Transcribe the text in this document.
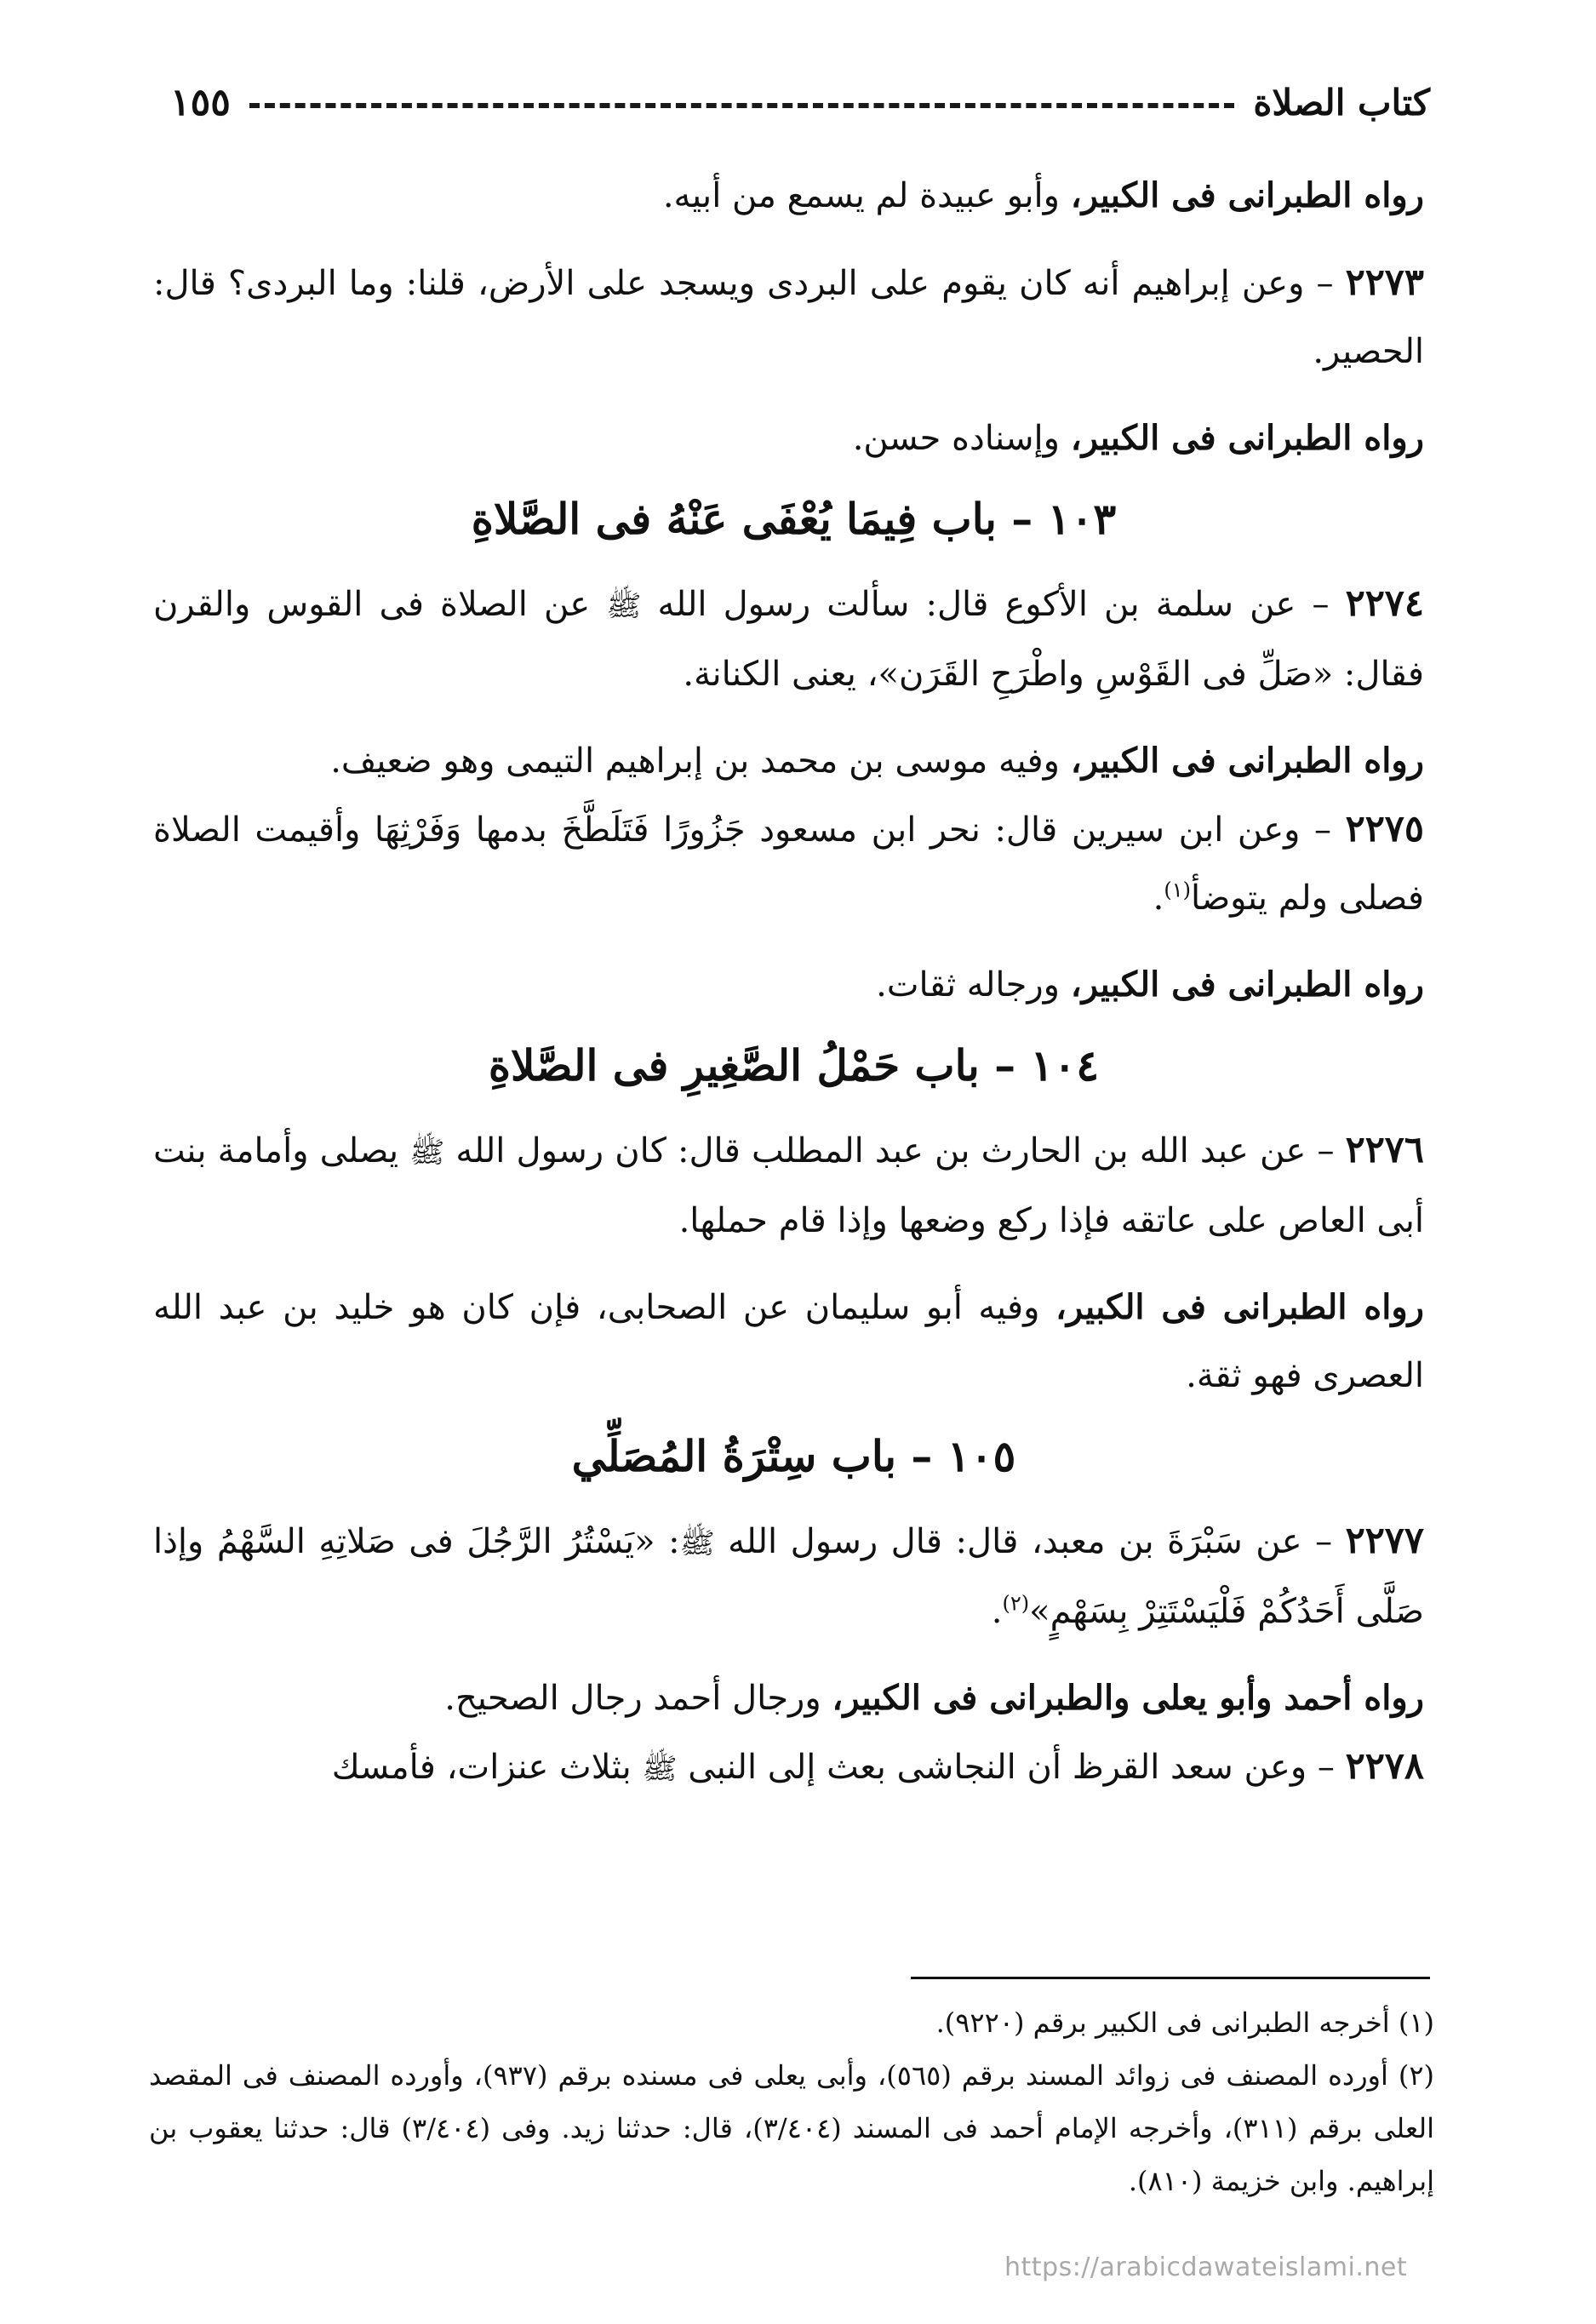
كتاب الصلاة
١٥٥

رواه الطبرانى فى الكبير، وأبو عبيدة لم يسمع من أبيه.

٢٢٧٣ – وعن إبراهيم أنه كان يقوم على البردى ويسجد على الأرض، قلنا: وما البردى؟ قال: الحصير.

رواه الطبرانى فى الكبير، وإسناده حسن.

١٠٣ – باب فِيمَا يُعْفَى عَنْهُ فى الصَّلاةِ

٢٢٧٤ – عن سلمة بن الأكوع قال: سألت رسول الله ﷺ عن الصلاة فى القوس والقرن فقال: «صَلِّ فى القَوْسِ واطْرَحِ القَرَن»، يعنى الكنانة.

رواه الطبرانى فى الكبير، وفيه موسى بن محمد بن إبراهيم التيمى وهو ضعيف.

٢٢٧٥ – وعن ابن سيرين قال: نحر ابن مسعود جَزُورًا فَتَلَطَّخَ بدمها وَفَرْثِهَا وأقيمت الصلاة فصلى ولم يتوضأ$^{(١)}$.

رواه الطبرانى فى الكبير، ورجاله ثقات.

١٠٤ – باب حَمْلُ الصَّغِيرِ فى الصَّلاةِ

٢٢٧٦ – عن عبد الله بن الحارث بن عبد المطلب قال: كان رسول الله ﷺ يصلى وأمامة بنت أبى العاص على عاتقه فإذا ركع وضعها وإذا قام حملها.

رواه الطبرانى فى الكبير، وفيه أبو سليمان عن الصحابى، فإن كان هو خليد بن عبد الله العصرى فهو ثقة.

١٠٥ – باب سِتْرَةُ المُصَلِّي

٢٢٧٧ – عن سَبْرَةَ بن معبد، قال: قال رسول الله ﷺ: «يَسْتُرُ الرَّجُلَ فى صَلاتِهِ السَّهْمُ وإذا صَلَّى أَحَدُكُمْ فَلْيَسْتَتِرْ بِسَهْمٍ»$^{(٢)}$.

رواه أحمد وأبو يعلى والطبرانى فى الكبير، ورجال أحمد رجال الصحيح.

٢٢٧٨ – وعن سعد القرظ أن النجاشى بعث إلى النبى ﷺ بثلاث عنزات، فأمسك

(١) أخرجه الطبرانى فى الكبير برقم (٩٢٢٠).

(٢) أورده المصنف فى زوائد المسند برقم (٥٦٥)، وأبى يعلى فى مسنده برقم (٩٣٧)، وأورده المصنف فى المقصد العلى برقم (٣١١)، وأخرجه الإمام أحمد فى المسند (٣/٤٠٤)، قال: حدثنا زيد. وفى (٣/٤٠٤) قال: حدثنا يعقوب بن إبراهيم. وابن خزيمة (٨١٠).

https://arabicdawateislami.net
